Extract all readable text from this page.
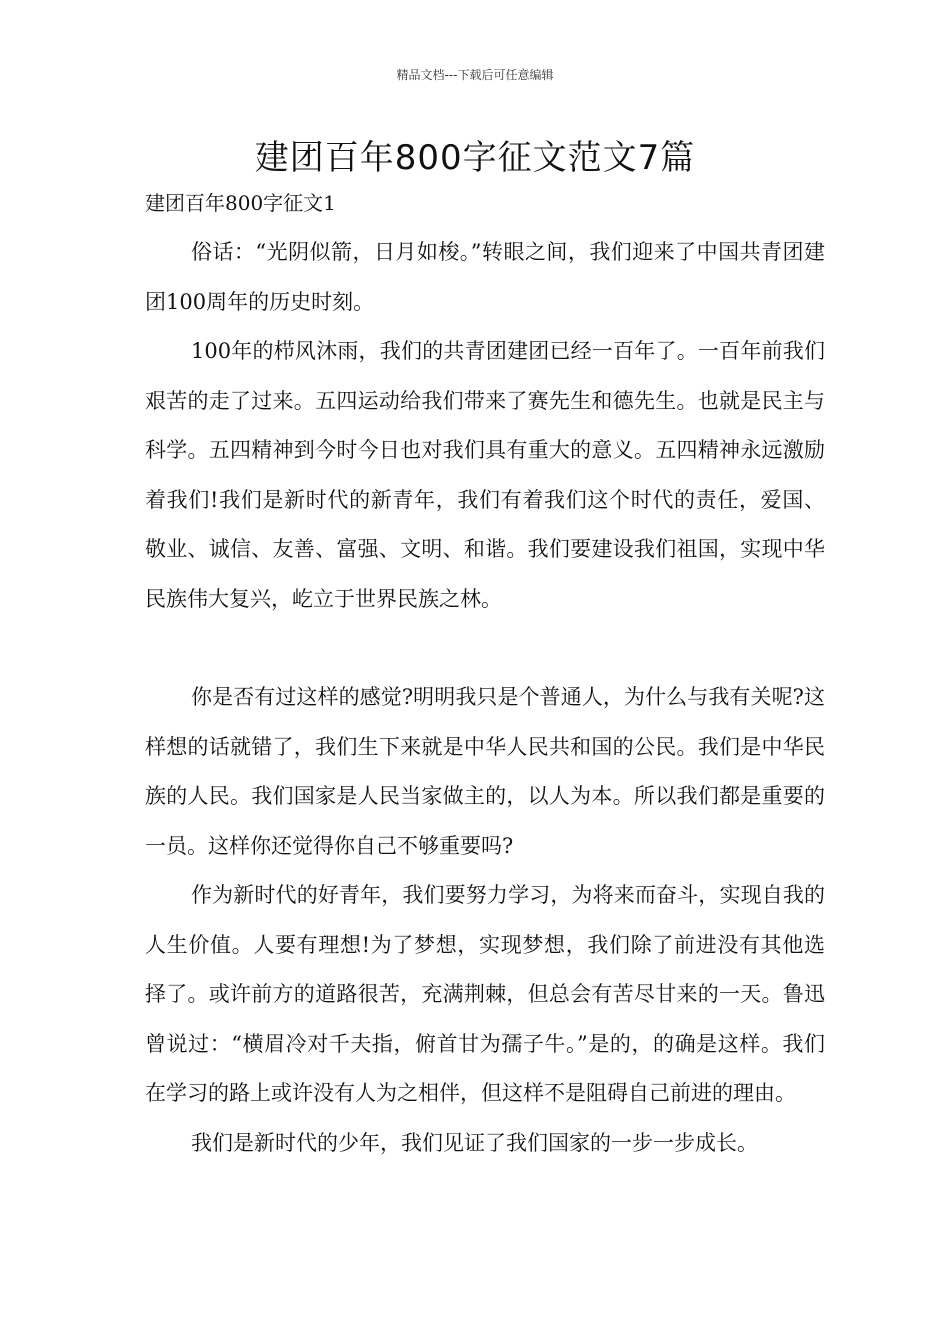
精品文档---下载后可任意编辑
建团百年800字征文范文7篇
建团百年800字征文1

俗话：“光阴似箭，日月如梭。”转眼之间，我们迎来了中国共青团建团100周年的历史时刻。

100年的栉风沐雨，我们的共青团建团已经一百年了。一百年前我们艰苦的走了过来。五四运动给我们带来了赛先生和德先生。也就是民主与科学。五四精神到今时今日也对我们具有重大的意义。五四精神永远激励着我们!我们是新时代的新青年，我们有着我们这个时代的责任，爱国、敬业、诚信、友善、富强、文明、和谐。我们要建设我们祖国，实现中华民族伟大复兴，屹立于世界民族之林。

你是否有过这样的感觉?明明我只是个普通人，为什么与我有关呢?这样想的话就错了，我们生下来就是中华人民共和国的公民。我们是中华民族的人民。我们国家是人民当家做主的，以人为本。所以我们都是重要的一员。这样你还觉得你自己不够重要吗?

作为新时代的好青年，我们要努力学习，为将来而奋斗，实现自我的人生价值。人要有理想!为了梦想，实现梦想，我们除了前进没有其他选择了。或许前方的道路很苦，充满荆棘，但总会有苦尽甘来的一天。鲁迅曾说过：“横眉冷对千夫指，俯首甘为孺子牛。”是的，的确是这样。我们在学习的路上或许没有人为之相伴，但这样不是阻碍自己前进的理由。

我们是新时代的少年，我们见证了我们国家的一步一步成长。
